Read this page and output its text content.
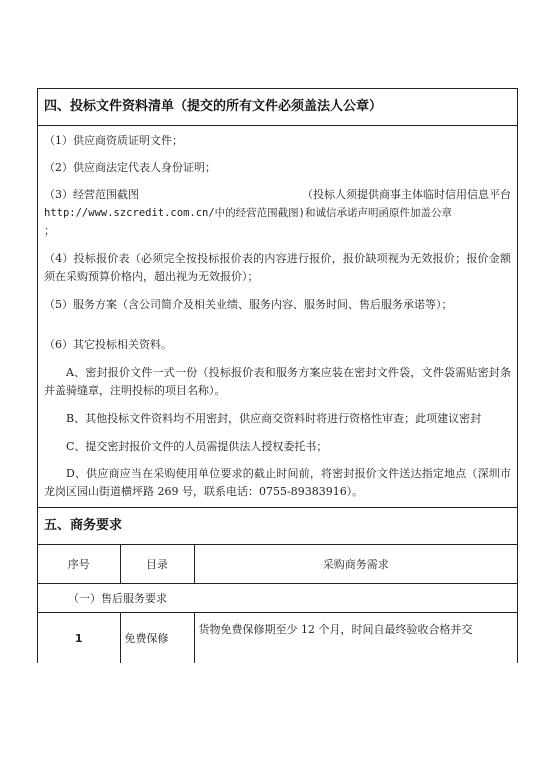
四、投标文件资料清单（提交的所有文件必须盖法人公章）

（1）供应商资质证明文件；

（2）供应商法定代表人身份证明；

（3）经营范围截图	（投标人须提供商事主体临时信用信息平台

http://www.szcredit.com.cn/中的经营范围截图)和诚信承诺声明函原件加盖公章

；

（4）投标报价表（必须完全按投标报价表的内容进行报价，报价缺项视为无效报价；报价金额须在采购预算价格内，超出视为无效报价）；

（5）服务方案（含公司简介及相关业绩、服务内容、服务时间、售后服务承诺等）；

（6）其它投标相关资料。

A、密封报价文件一式一份（投标报价表和服务方案应装在密封文件袋，文件袋需贴密封条并盖骑缝章，注明投标的项目名称）。

B、其他投标文件资料均不用密封，供应商交资料时将进行资格性审查；此项建议密封

C、提交密封报价文件的人员需提供法人授权委托书；

D、供应商应当在采购使用单位要求的截止时间前，将密封报价文件送达指定地点（深圳市龙岗区园山街道横坪路 269 号，联系电话：0755-89383916）。

五、商务要求
序号	目录	采购商务需求
（一）售后服务要求		
1	免费保修	货物免费保修期至少 12 个月，时间自最终验收合格并交
